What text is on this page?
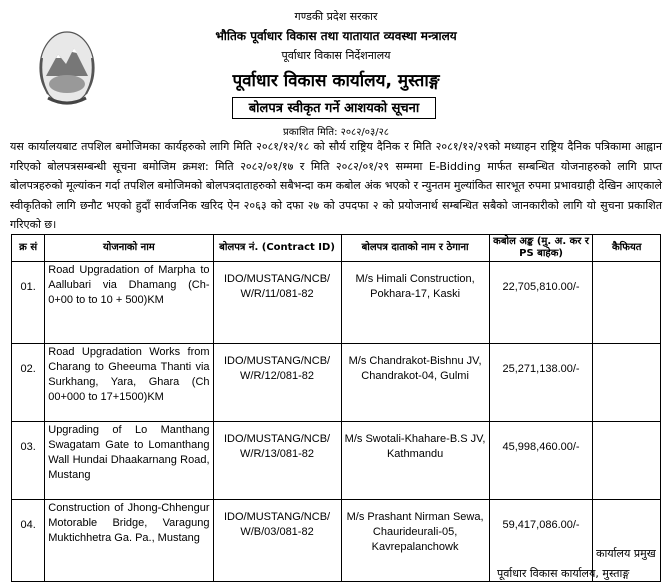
गण्डकी प्रदेश सरकार
भौतिक पूर्वाधार विकास तथा यातायात व्यवस्था मन्त्रालय
पूर्वाधार विकास निर्देशनालय
पूर्वाधार विकास कार्यालय, मुस्ताङ्ग
बोलपत्र स्वीकृत गर्ने आशयको सूचना
प्रकाशित मिति: २०८२/०३/२८
यस कार्यालयबाट तपशिल बमोजिमका कार्यहरुको लागि मिति २०८१/१२/१८ को सौर्य राष्ट्रिय दैनिक र मिति २०८१/१२/२९को मध्याहन राष्ट्रिय दैनिक पत्रिकामा आह्वान गरिएको बोलपत्रसम्बन्धी सूचना बमोजिम क्रमश: मिति २०८२/०१/१७ र मिति २०८२/०१/२९ सम्ममा E-Bidding मार्फत सम्बन्धित योजनाहरुको लागि प्राप्त बोलपत्रहरुको मूल्यांकन गर्दा तपशिल बमोजिमको बोलपत्रदाताहरुको सबैभन्दा कम कबोल अंक भएको र न्युनतम मुल्यांकित सारभूत रुपमा प्रभावग्राही देखिन आएकाले स्वीकृतिको लागि छनौट भएको हुदाँ सार्वजनिक खरिद ऐन २०६३ को दफा २७ को उपदफा २ को प्रयोजनार्थ सम्बन्धित सबैको जानकारीको लागि यो सुचना प्रकाशित गरिएको छ।
क्र सं	योजनाको नाम	बोलपत्र नं. (Contract ID)	बोलपत्र दाताको नाम र ठेगाना	कबोल अङ्क (मु. अ. कर र PS बाहेक)	कैफियत
01.	Road Upgradation of Marpha to Aallubari via Dhamang (Ch- 0+00 to to 10 + 500)KM	IDO/MUSTANG/NCB/ W/R/11/081-82	M/s Himali Construction, Pokhara-17, Kaski	22,705,810.00/-	
02.	Road Upgradation Works from Charang to Gheeuma Thanti via Surkhang, Yara, Ghara (Ch 00+000 to 17+1500)KM	IDO/MUSTANG/NCB/ W/R/12/081-82	M/s Chandrakot-Bishnu JV, Chandrakot-04, Gulmi	25,271,138.00/-	
03.	Upgrading of Lo Manthang Swagatam Gate to Lomanthang Wall Hundai Dhaakarnang Road, Mustang	IDO/MUSTANG/NCB/ W/R/13/081-82	M/s Swotali-Khahare-B.S JV, Kathmandu	45,998,460.00/-	
04.	Construction of Jhong-Chhengur Motorable Bridge, Varagung Muktichhetra Ga. Pa., Mustang	IDO/MUSTANG/NCB/ W/B/03/081-82	M/s Prashant Nirman Sewa, Chaurideurali-05, Kavrepalanchowk	59,417,086.00/-	
कार्यालय प्रमुख
पूर्वाधार विकास कार्यालय, मुस्ताङ्ग
